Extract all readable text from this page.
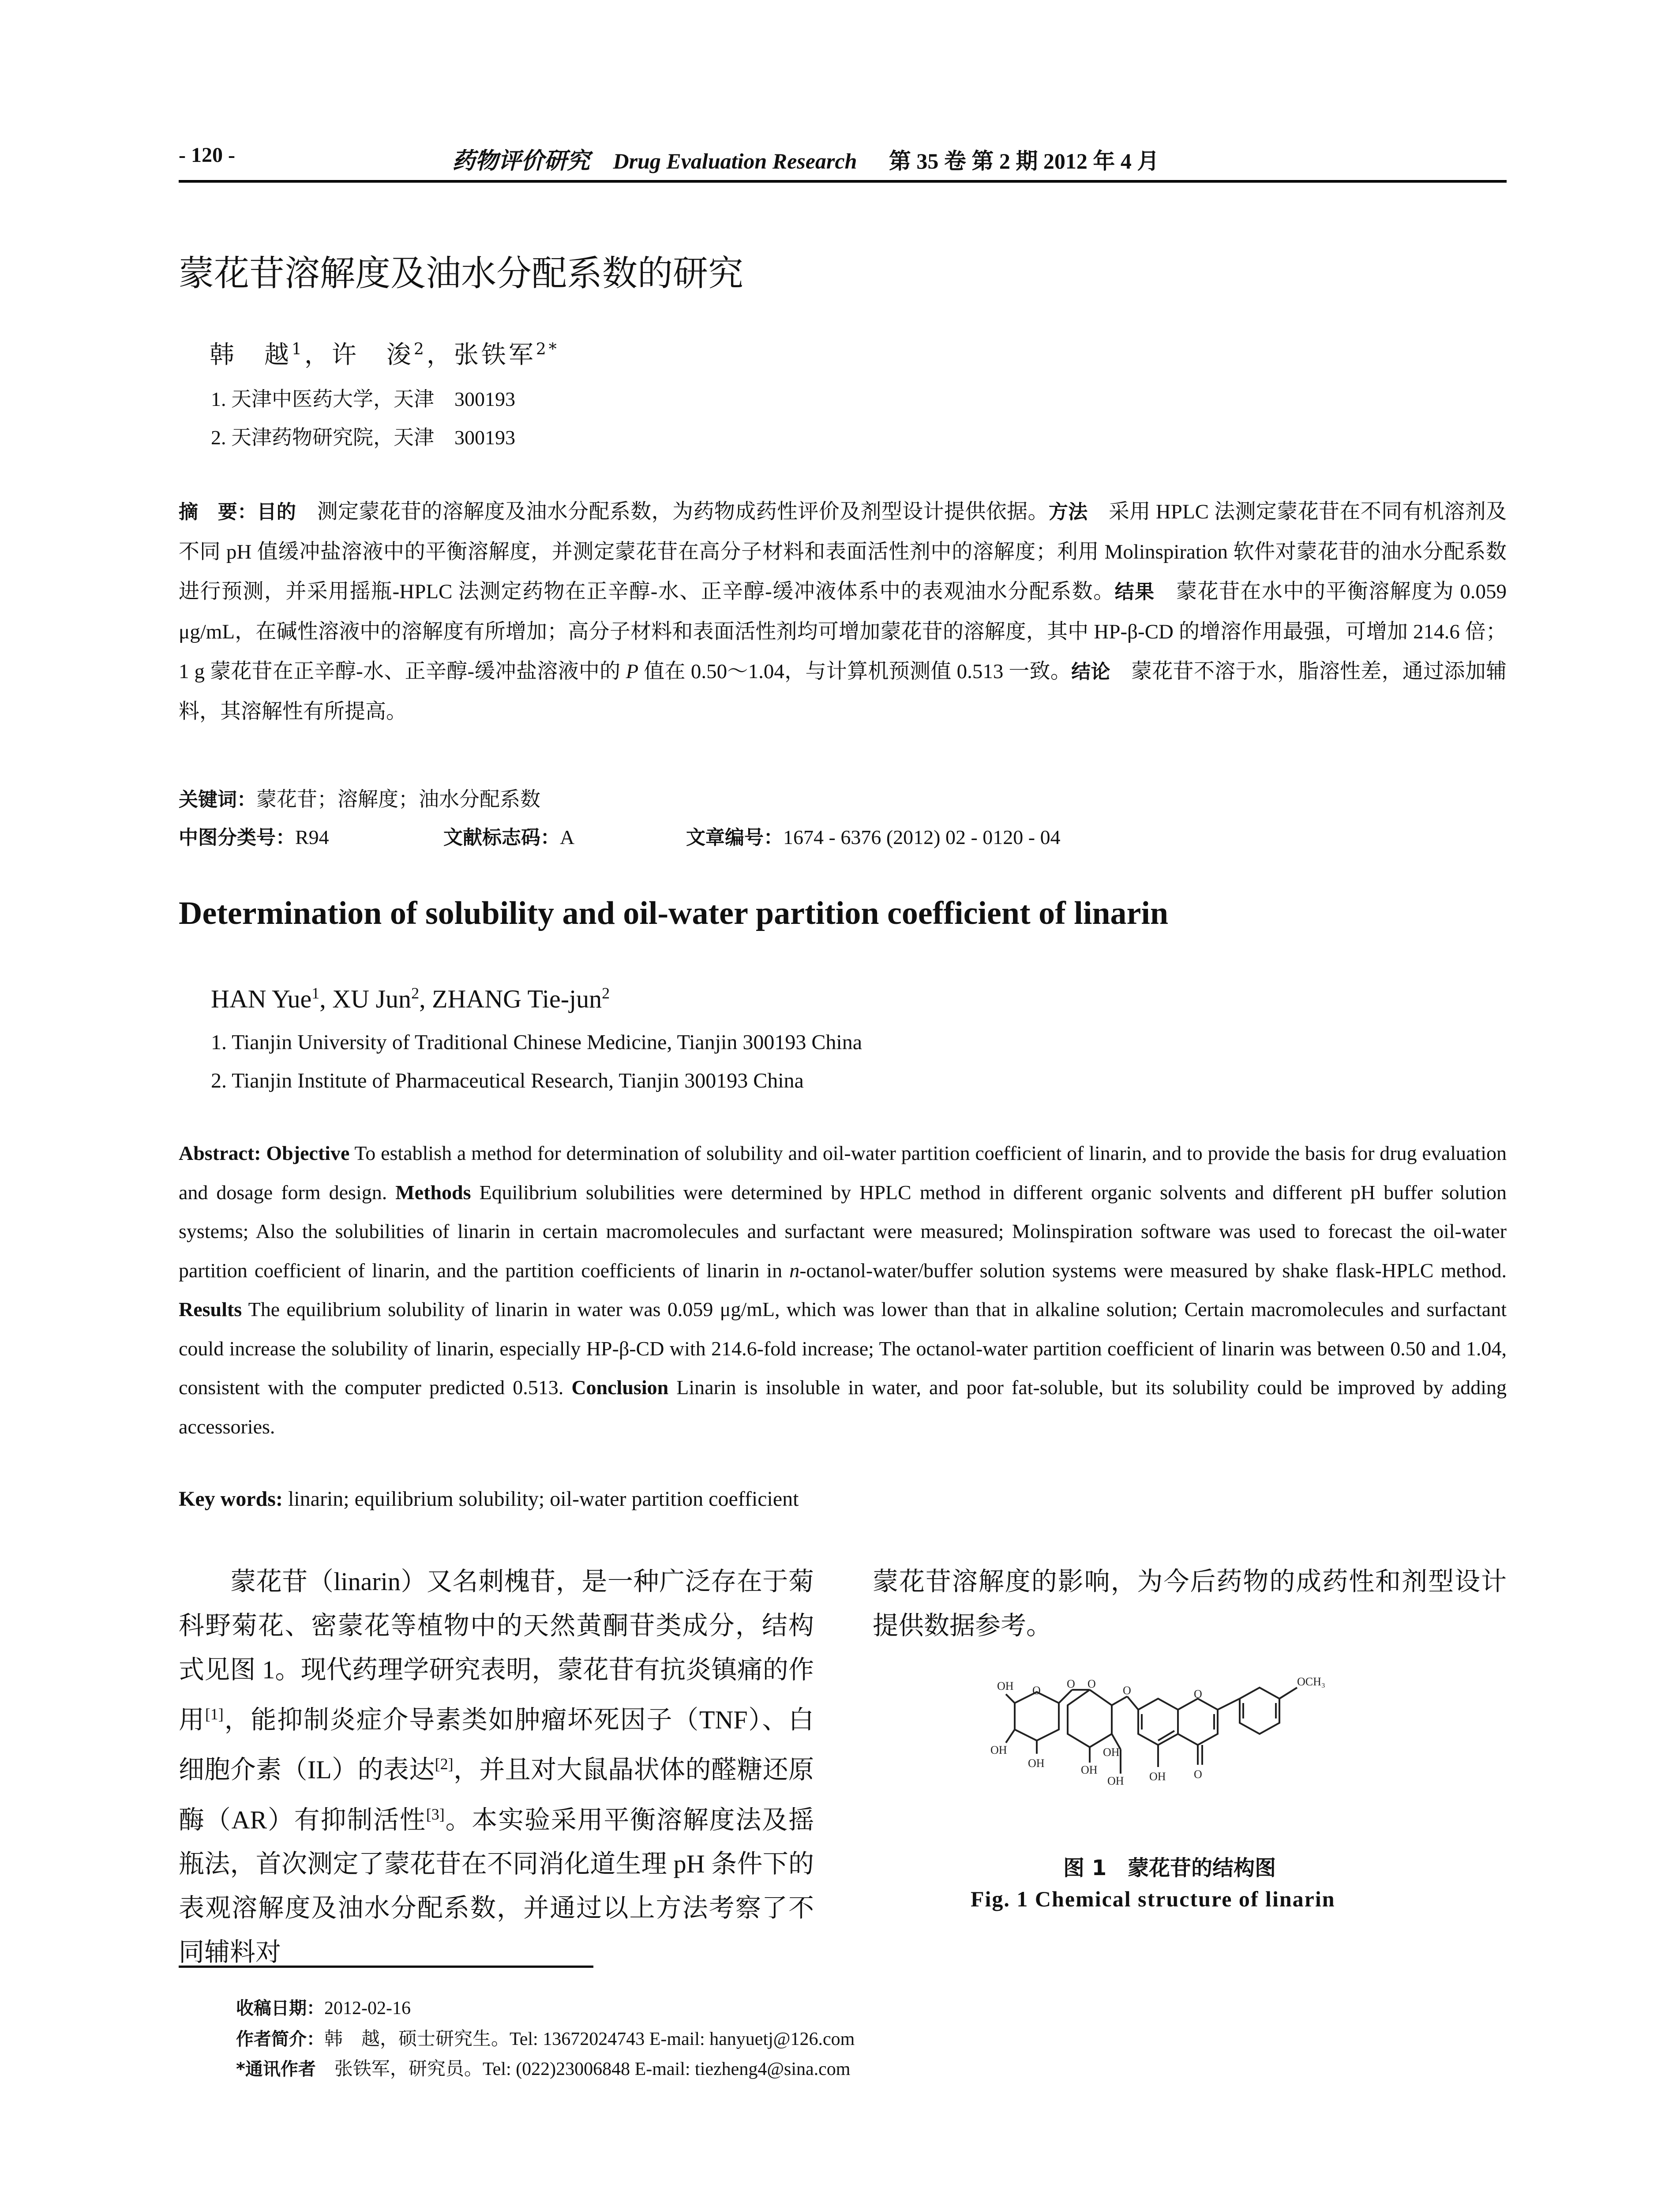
- 120 -	药物评价研究 Drug Evaluation Research 第 35 卷 第 2 期 2012 年 4 月
蒙花苷溶解度及油水分配系数的研究
韩　越$^1$，许　浚$^2$，张铁军$^{2*}$
1. 天津中医药大学，天津　300193
2. 天津药物研究院，天津　300193
摘　要：目的　测定蒙花苷的溶解度及油水分配系数，为药物成药性评价及剂型设计提供依据。方法　采用 HPLC 法测定蒙花苷在不同有机溶剂及不同 pH 值缓冲盐溶液中的平衡溶解度，并测定蒙花苷在高分子材料和表面活性剂中的溶解度；利用 Molinspiration 软件对蒙花苷的油水分配系数进行预测，并采用摇瓶-HPLC 法测定药物在正辛醇-水、正辛醇-缓冲液体系中的表观油水分配系数。结果　蒙花苷在水中的平衡溶解度为 0.059 μg/mL，在碱性溶液中的溶解度有所增加；高分子材料和表面活性剂均可增加蒙花苷的溶解度，其中 HP-β-CD 的增溶作用最强，可增加 214.6 倍；1 g 蒙花苷在正辛醇-水、正辛醇-缓冲盐溶液中的 P 值在 0.50～1.04，与计算机预测值 0.513 一致。结论　蒙花苷不溶于水，脂溶性差，通过添加辅料，其溶解性有所提高。
关键词：蒙花苷；溶解度；油水分配系数
中图分类号：R94	文献标志码：A	文章编号：1674 - 6376 (2012) 02 - 0120 - 04
Determination of solubility and oil-water partition coefficient of linarin
HAN Yue$^1$, XU Jun$^2$, ZHANG Tie-jun$^2$
1. Tianjin University of Traditional Chinese Medicine, Tianjin 300193 China
2. Tianjin Institute of Pharmaceutical Research, Tianjin 300193 China
Abstract: Objective To establish a method for determination of solubility and oil-water partition coefficient of linarin, and to provide the basis for drug evaluation and dosage form design. Methods Equilibrium solubilities were determined by HPLC method in different organic solvents and different pH buffer solution systems; Also the solubilities of linarin in certain macromolecules and surfactant were measured; Molinspiration software was used to forecast the oil-water partition coefficient of linarin, and the partition coefficients of linarin in n-octanol-water/buffer solution systems were measured by shake flask-HPLC method. Results The equilibrium solubility of linarin in water was 0.059 μg/mL, which was lower than that in alkaline solution; Certain macromolecules and surfactant could increase the solubility of linarin, especially HP-β-CD with 214.6-fold increase; The octanol-water partition coefficient of linarin was between 0.50 and 1.04, consistent with the computer predicted 0.513. Conclusion Linarin is insoluble in water, and poor fat-soluble, but its solubility could be improved by adding accessories.
Key words: linarin; equilibrium solubility; oil-water partition coefficient
　　蒙花苷（linarin）又名刺槐苷，是一种广泛存在于菊科野菊花、密蒙花等植物中的天然黄酮苷类成分，结构式见图 1。现代药理学研究表明，蒙花苷有抗炎镇痛的作用[1]，能抑制炎症介导素类如肿瘤坏死因子（TNF）、白细胞介素（IL）的表达[2]，并且对大鼠晶状体的醛糖还原酶（AR）有抑制活性[3]。本实验采用平衡溶解度法及摇瓶法，首次测定了蒙花苷在不同消化道生理 pH 条件下的表观溶解度及油水分配系数，并通过以上方法考察了不同辅料对
蒙花苷溶解度的影响，为今后药物的成药性和剂型设计提供数据参考。
OH
OH
OH
OH
OH OH
OH
O
O O
O
O
O
OCH₃
图 1　蒙花苷的结构图
Fig. 1 Chemical structure of linarin
收稿日期：2012-02-16
作者简介：韩　越，硕士研究生。Tel: 13672024743 E-mail: hanyuetj@126.com
*通讯作者　张铁军，研究员。Tel: (022)23006848 E-mail: tiezheng4@sina.com
